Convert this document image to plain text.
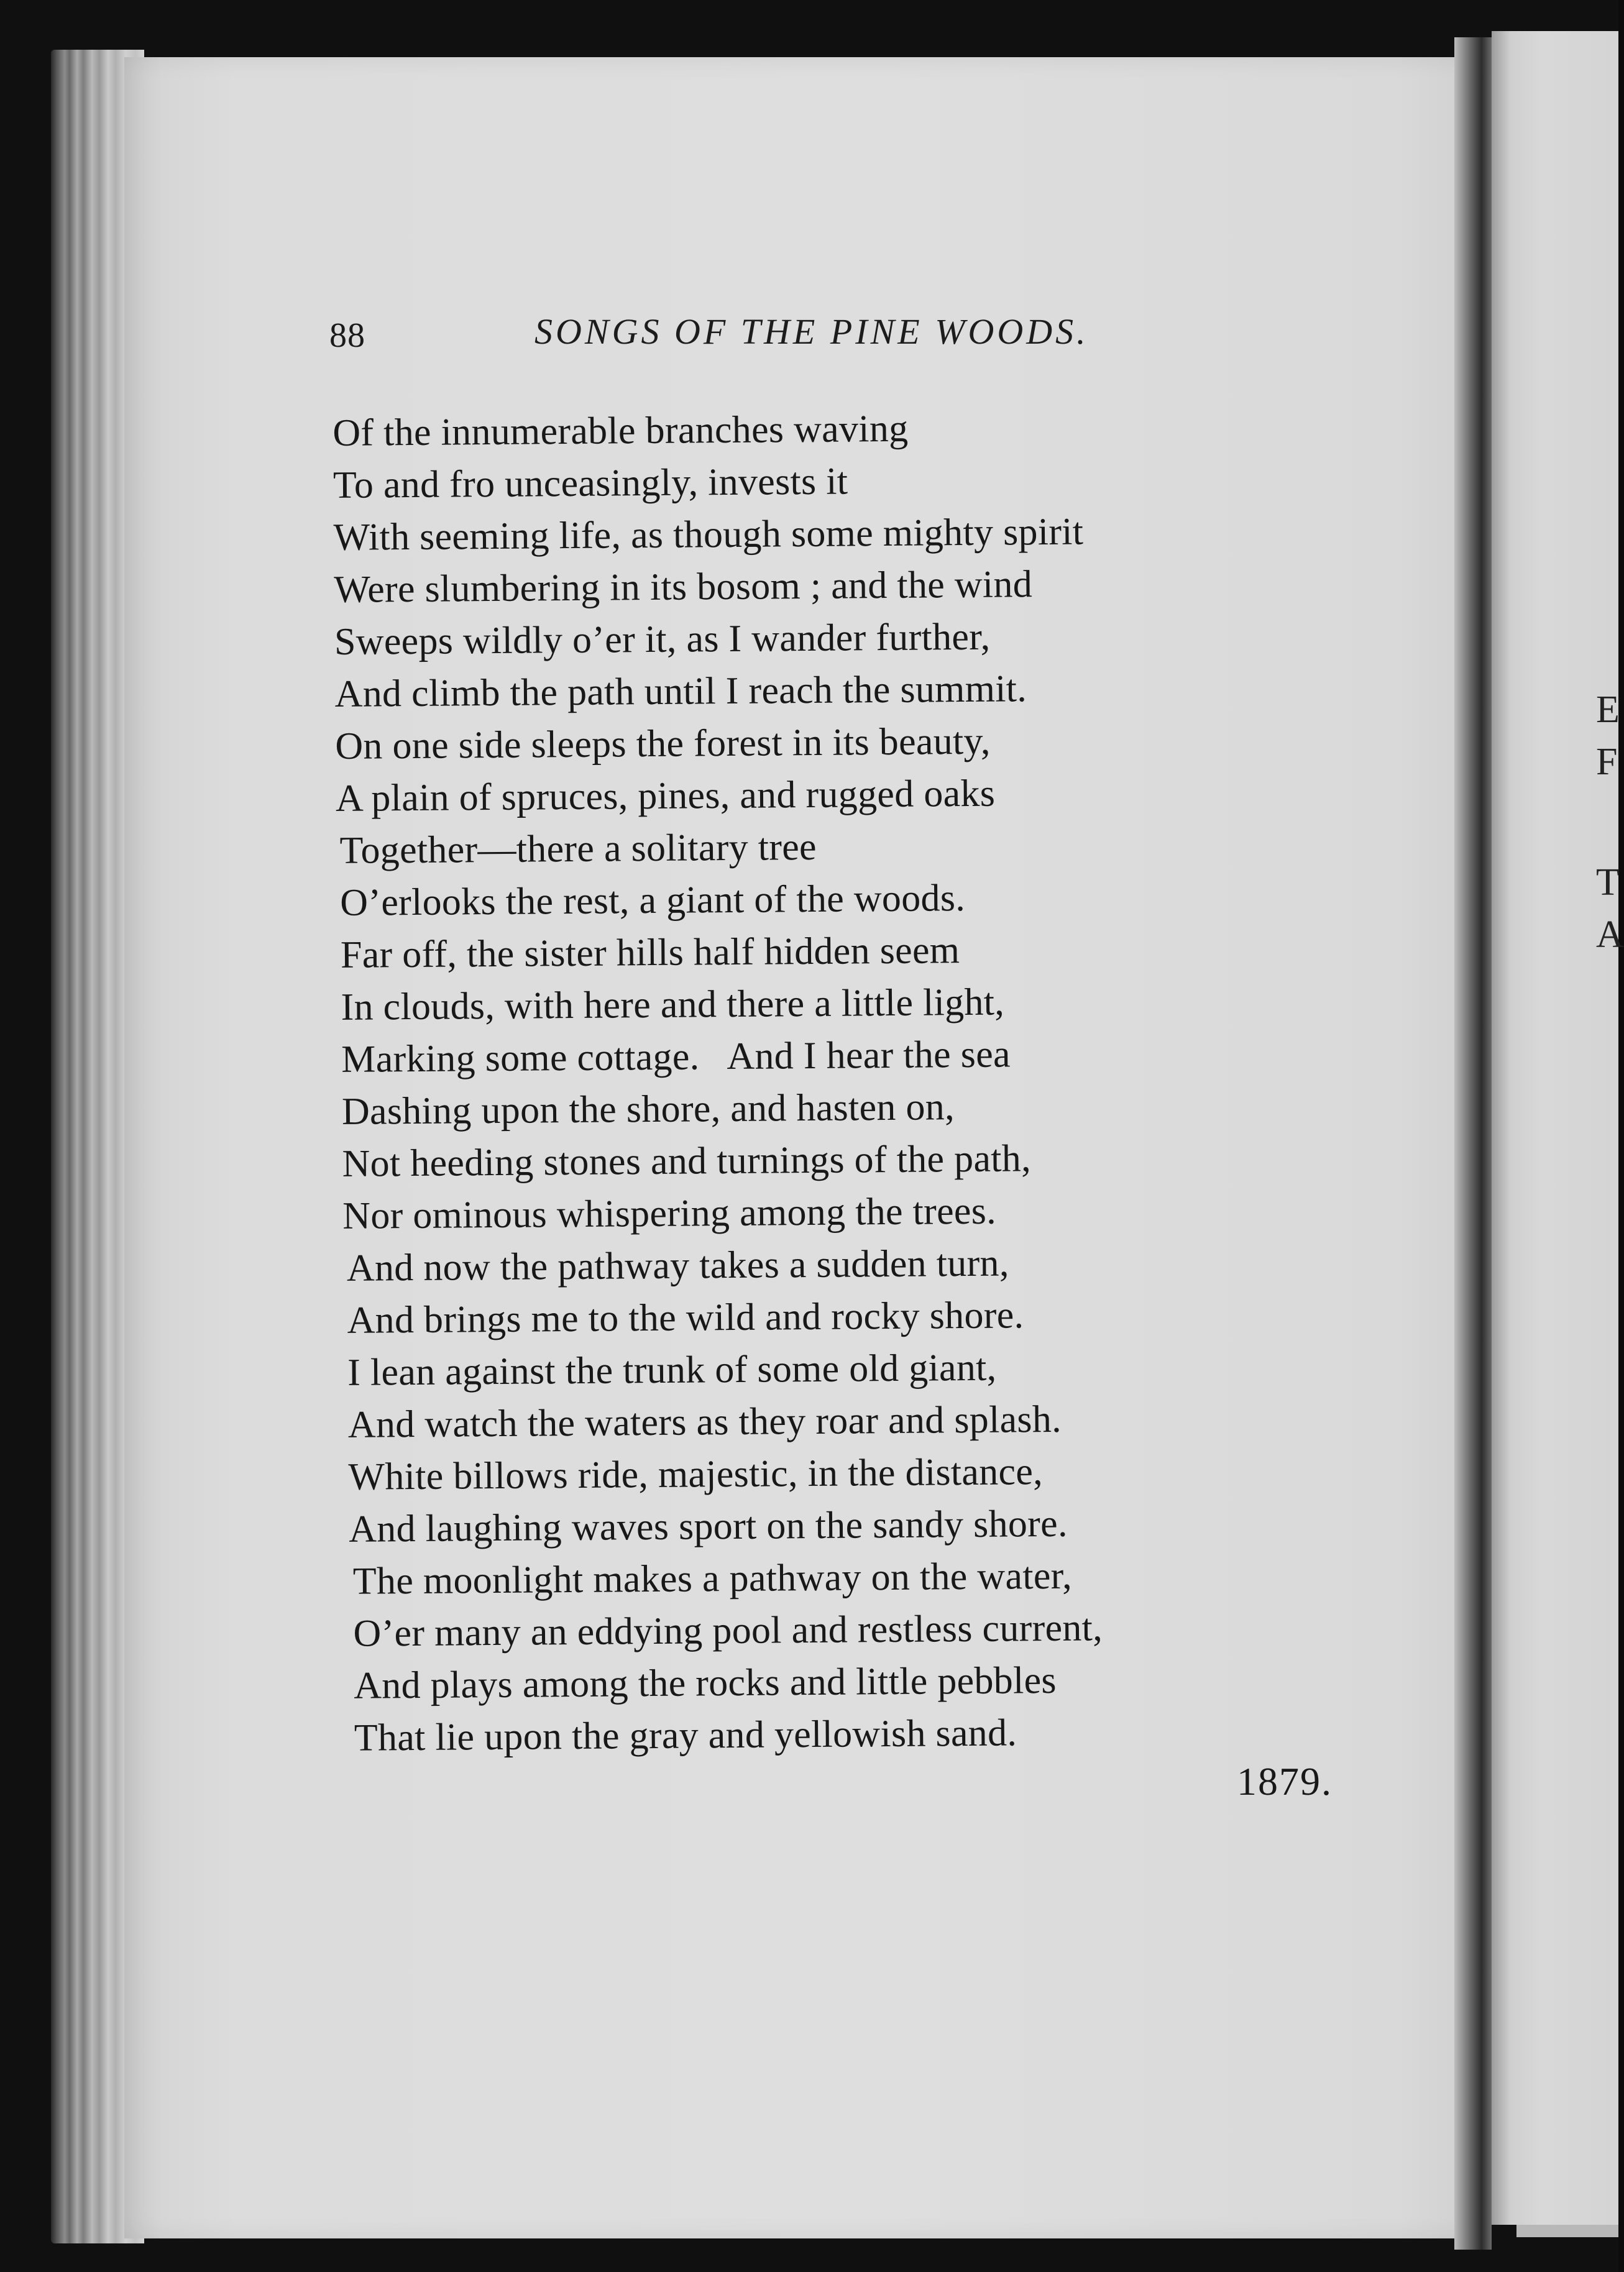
88	SONGS OF THE PINE WOODS.
Of the innumerable branches waving
To and fro unceasingly, invests it
With seeming life, as though some mighty spirit
Were slumbering in its bosom ; and the wind
Sweeps wildly o’er it, as I wander further,
And climb the path until I reach the summit.
On one side sleeps the forest in its beauty,
A plain of spruces, pines, and rugged oaks
Together—there a solitary tree
O’erlooks the rest, a giant of the woods.
Far off, the sister hills half hidden seem
In clouds, with here and there a little light,
Marking some cottage.   And I hear the sea
Dashing upon the shore, and hasten on,
Not heeding stones and turnings of the path,
Nor ominous whispering among the trees.
And now the pathway takes a sudden turn,
And brings me to the wild and rocky shore.
I lean against the trunk of some old giant,
And watch the waters as they roar and splash.
White billows ride, majestic, in the distance,
And laughing waves sport on the sandy shore.
The moonlight makes a pathway on the water,
O’er many an eddying pool and restless current,
And plays among the rocks and little pebbles
That lie upon the gray and yellowish sand.
1879.
E
F
T
A
